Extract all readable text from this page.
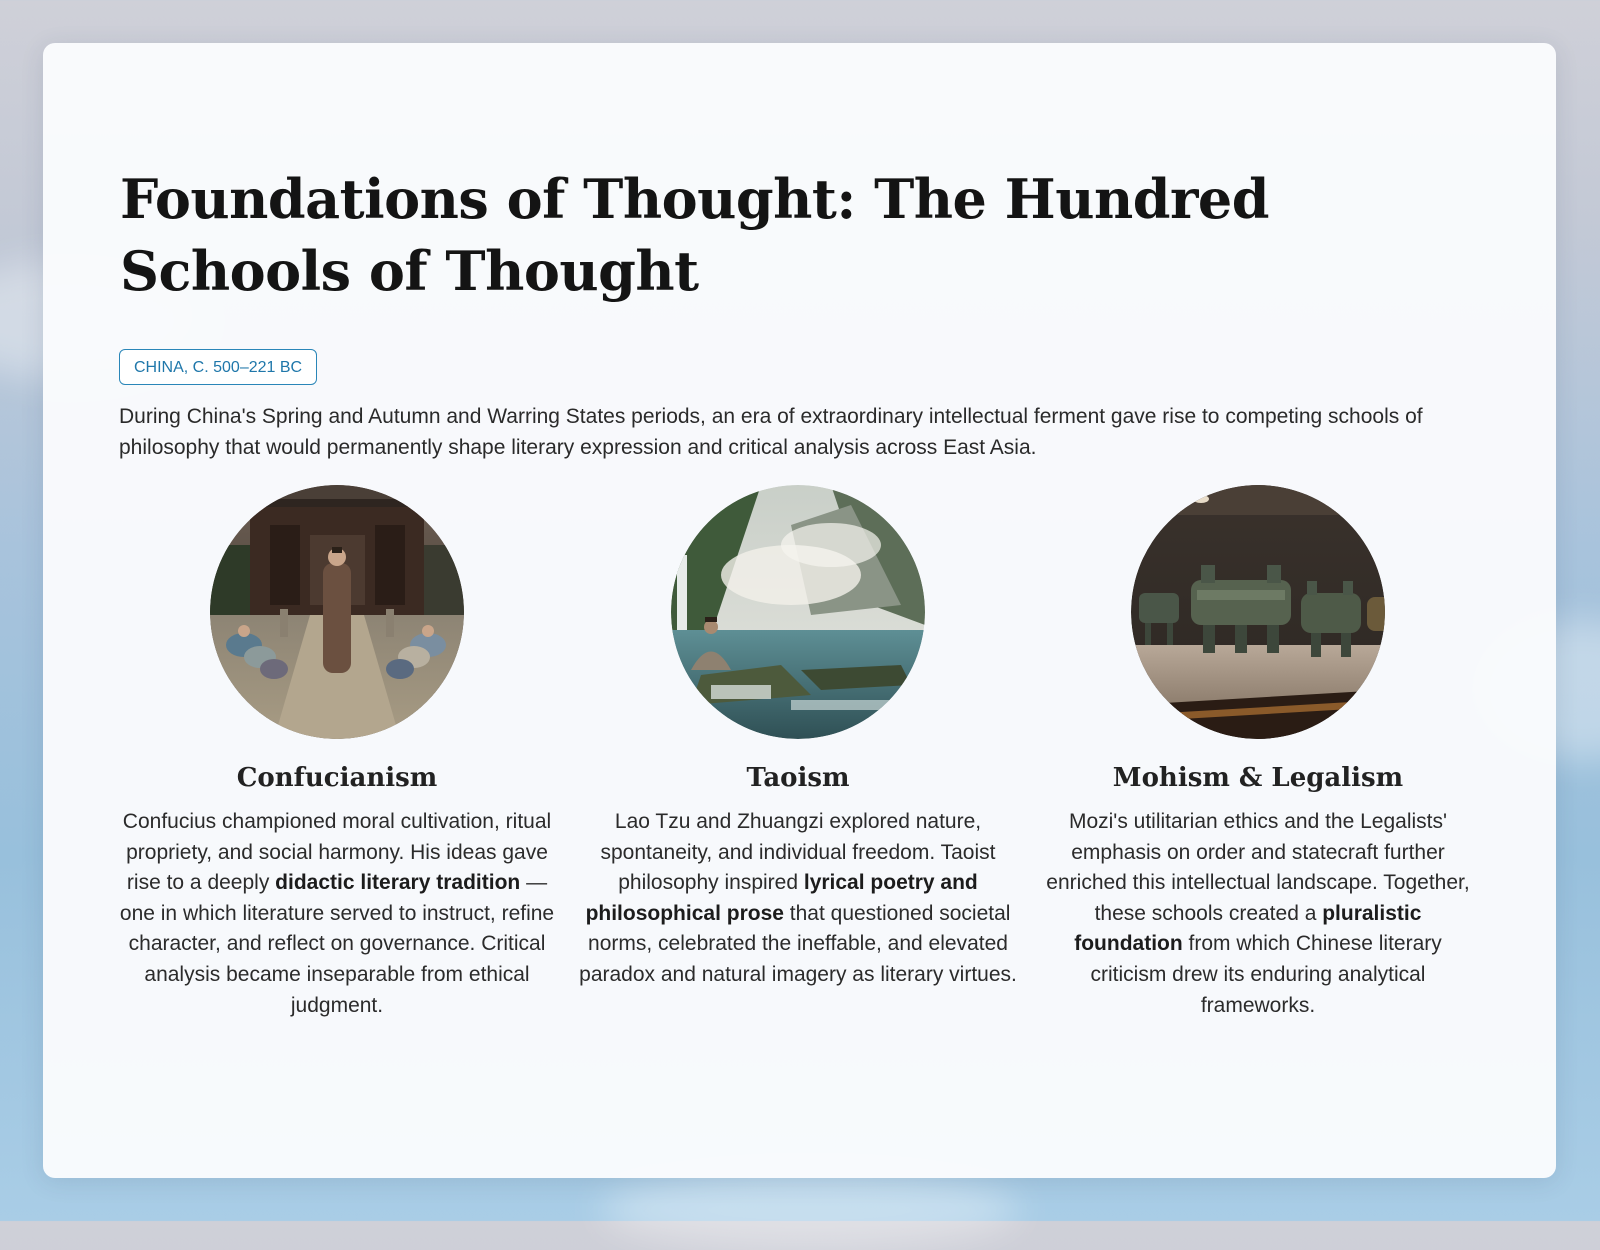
Foundations of Thought: The Hundred Schools of Thought
CHINA, C. 500–221 BC

During China's Spring and Autumn and Warring States periods, an era of extraordinary intellectual ferment gave rise to competing schools of philosophy that would permanently shape literary expression and critical analysis across East Asia.

Confucianism

Confucius championed moral cultivation, ritual propriety, and social harmony. His ideas gave rise to a deeply didactic literary tradition — one in which literature served to instruct, refine character, and reflect on governance. Critical analysis became inseparable from ethical judgment.

Taoism

Lao Tzu and Zhuangzi explored nature, spontaneity, and individual freedom. Taoist philosophy inspired lyrical poetry and philosophical prose that questioned societal norms, celebrated the ineffable, and elevated paradox and natural imagery as literary virtues.

Mohism & Legalism

Mozi's utilitarian ethics and the Legalists' emphasis on order and statecraft further enriched this intellectual landscape. Together, these schools created a pluralistic foundation from which Chinese literary criticism drew its enduring analytical frameworks.
